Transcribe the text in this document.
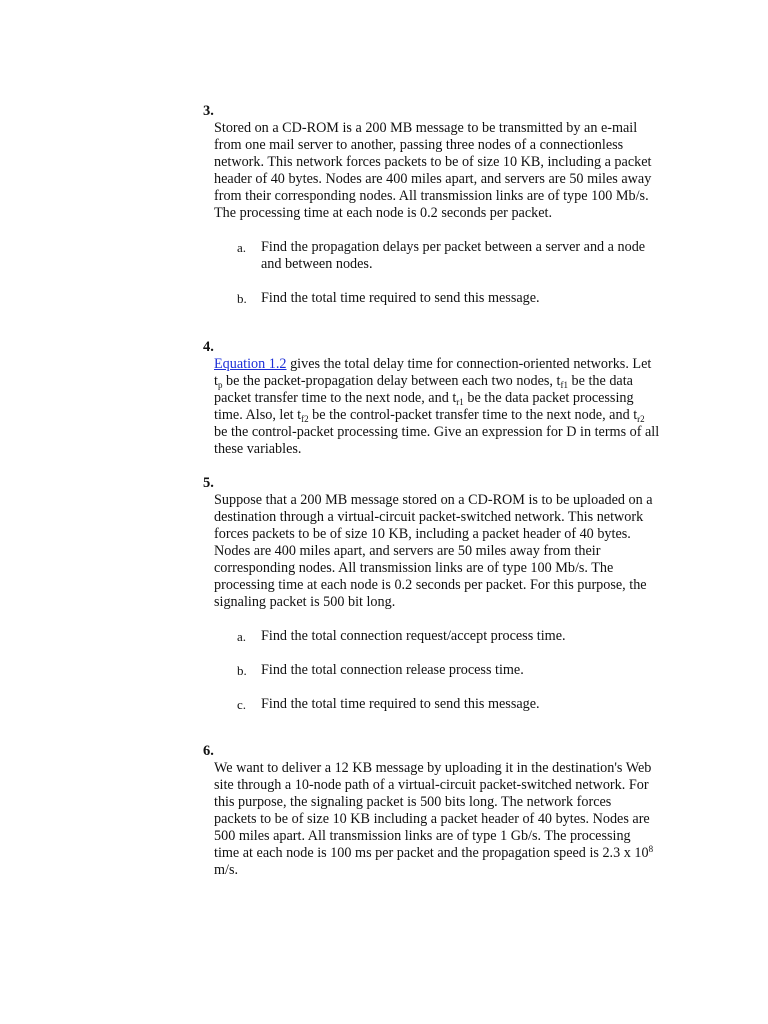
3.
Stored on a CD-ROM is a 200 MB message to be transmitted by an e-mail from one mail server to another, passing three nodes of a connectionless network. This network forces packets to be of size 10 KB, including a packet header of 40 bytes. Nodes are 400 miles apart, and servers are 50 miles away from their corresponding nodes. All transmission links are of type 100 Mb/s. The processing time at each node is 0.2 seconds per packet.
a. Find the propagation delays per packet between a server and a node and between nodes.
b. Find the total time required to send this message.
4.
Equation 1.2 gives the total delay time for connection-oriented networks. Let $t_p$ be the packet-propagation delay between each two nodes, $t_{f1}$ be the data packet transfer time to the next node, and $t_{r1}$ be the data packet processing time. Also, let $t_{f2}$ be the control-packet transfer time to the next node, and $t_{r2}$ be the control-packet processing time. Give an expression for D in terms of all these variables.
5.
Suppose that a 200 MB message stored on a CD-ROM is to be uploaded on a destination through a virtual-circuit packet-switched network. This network forces packets to be of size 10 KB, including a packet header of 40 bytes. Nodes are 400 miles apart, and servers are 50 miles away from their corresponding nodes. All transmission links are of type 100 Mb/s. The processing time at each node is 0.2 seconds per packet. For this purpose, the signaling packet is 500 bit long.
a. Find the total connection request/accept process time.
b. Find the total connection release process time.
c. Find the total time required to send this message.
6.
We want to deliver a 12 KB message by uploading it in the destination's Web site through a 10-node path of a virtual-circuit packet-switched network. For this purpose, the signaling packet is 500 bits long. The network forces packets to be of size 10 KB including a packet header of 40 bytes. Nodes are 500 miles apart. All transmission links are of type 1 Gb/s. The processing time at each node is 100 ms per packet and the propagation speed is 2.3 x $10^8$ m/s.
